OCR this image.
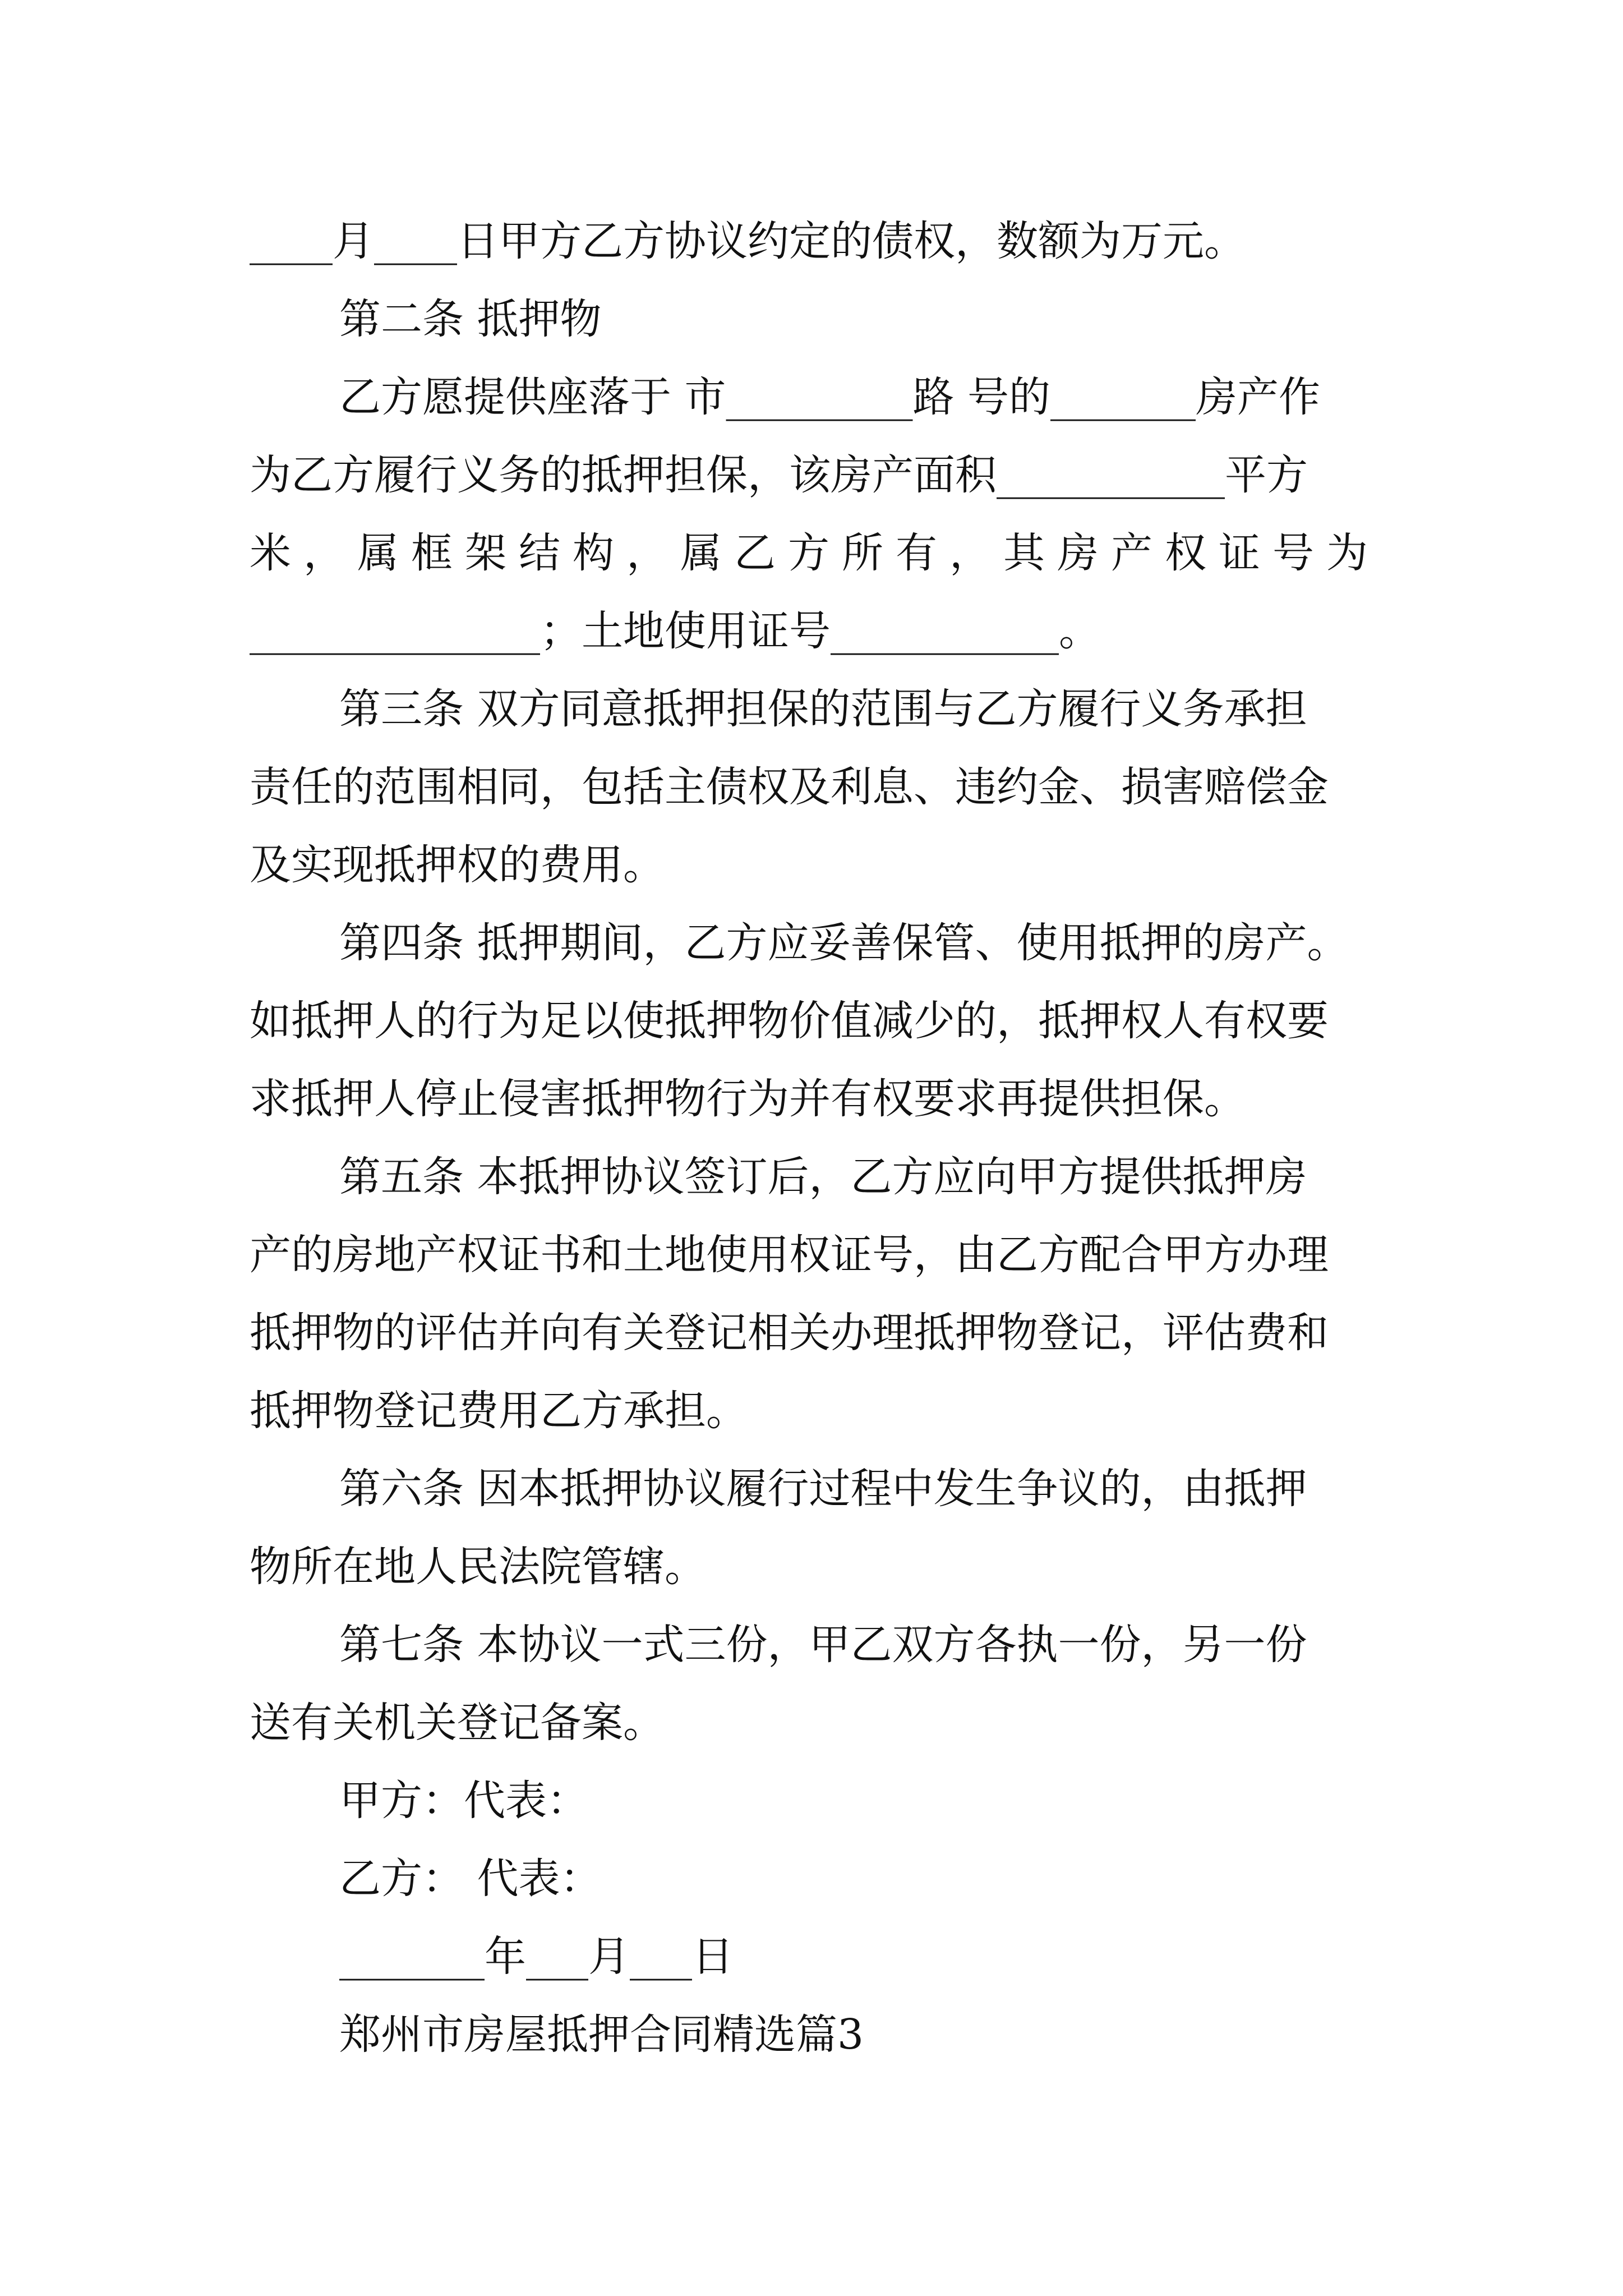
____月____日甲方乙方协议约定的债权，数额为万元。
第二条 抵押物
乙方愿提供座落于 市_________路 号的_______房产作
为乙方履行义务的抵押担保，该房产面积___________平方
米，属框架结构，属乙方所有，其房产权证号为
______________；土地使用证号___________。
第三条 双方同意抵押担保的范围与乙方履行义务承担
责任的范围相同，包括主债权及利息、违约金、损害赔偿金
及实现抵押权的费用。
第四条 抵押期间，乙方应妥善保管、使用抵押的房产。
如抵押人的行为足以使抵押物价值减少的，抵押权人有权要
求抵押人停止侵害抵押物行为并有权要求再提供担保。
第五条 本抵押协议签订后，乙方应向甲方提供抵押房
产的房地产权证书和土地使用权证号，由乙方配合甲方办理
抵押物的评估并向有关登记相关办理抵押物登记，评估费和
抵押物登记费用乙方承担。
第六条 因本抵押协议履行过程中发生争议的，由抵押
物所在地人民法院管辖。
第七条 本协议一式三份，甲乙双方各执一份，另一份
送有关机关登记备案。
甲方：代表：
乙方： 代表：
_______年___月___日
郑州市房屋抵押合同精选篇3
